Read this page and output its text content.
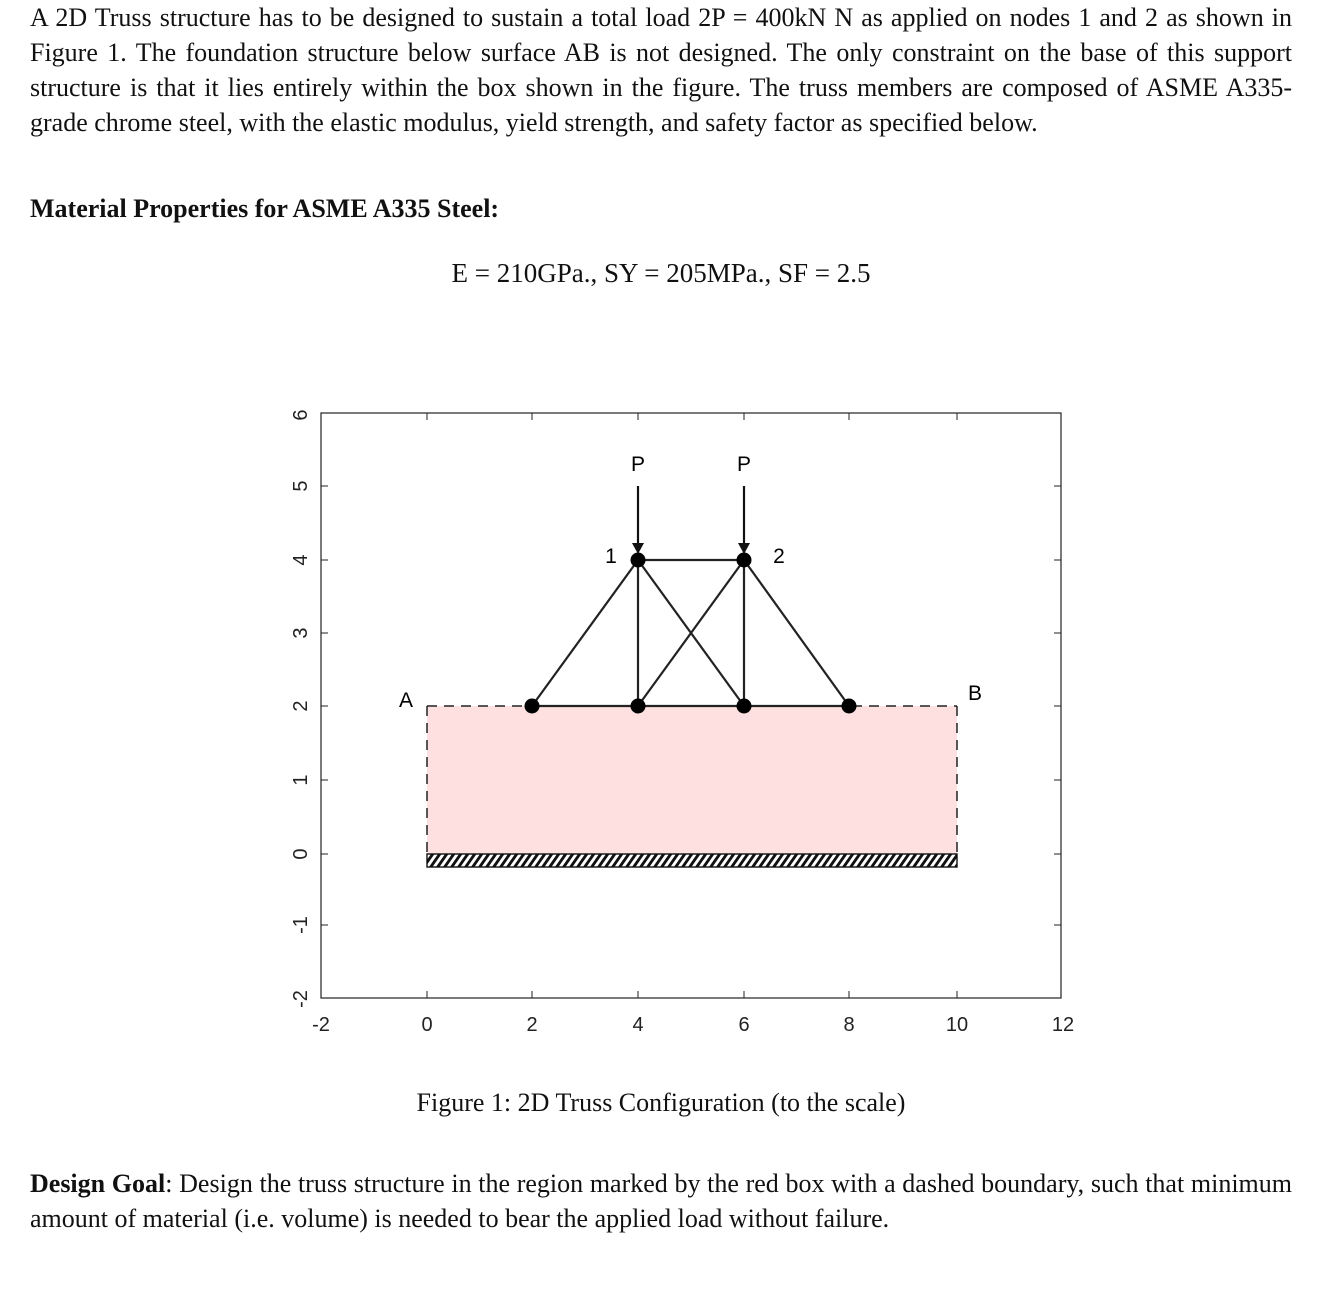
A 2D Truss structure has to be designed to sustain a total load 2P = 400kN N as applied on nodes 1 and 2 as shown in Figure 1. The foundation structure below surface AB is not designed. The only constraint on the base of this support structure is that it lies entirely within the box shown in the figure. The truss members are composed of ASME A335-grade chrome steel, with the elastic modulus, yield strength, and safety factor as specified below.

Material Properties for ASME A335 Steel:

E = 210GPa., SY = 205MPa., SF = 2.5

P	P
1	2
A	B
-2	0	2	4	6	8	10	12
-2
-1
0
1
2
3
4
5
6

Figure 1: 2D Truss Configuration (to the scale)

Design Goal: Design the truss structure in the region marked by the red box with a dashed boundary, such that minimum amount of material (i.e. volume) is needed to bear the applied load without failure.
